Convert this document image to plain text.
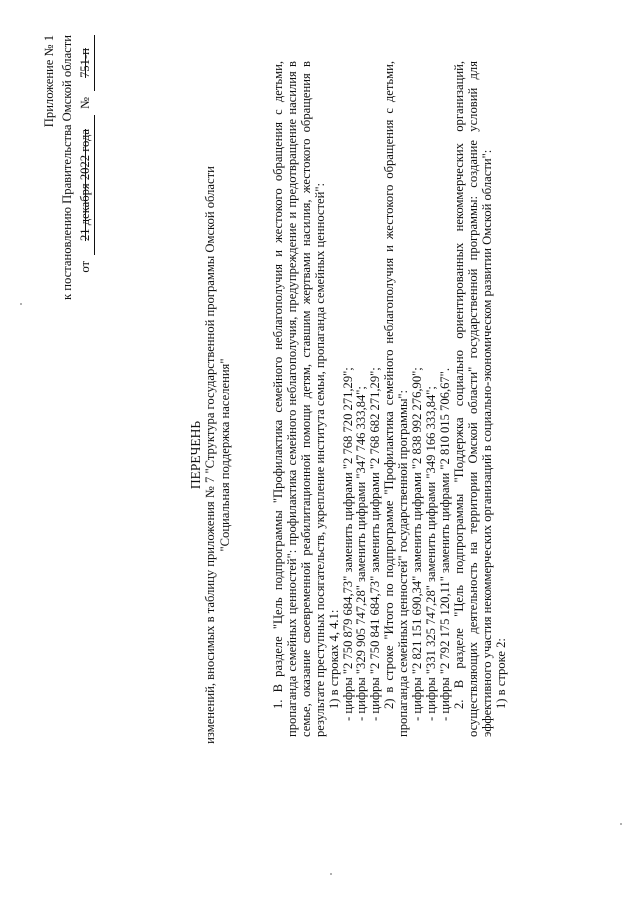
Приложение № 1 к постановлению Правительства Омской области от
21 декабря 2022 года
№
751-п
ПЕРЕЧЕНЬ изменений, вносимых в таблицу приложения № 7 "Структура государственной программы Омской области "Социальная поддержка населения"	1. В разделе "Цель подпрограммы "Профилактика семейного неблагополучия и жестокого обращения с детьми, пропаганда семейных ценностей": профилактика семейного неблагополучия, предупреждение и предотвращение насилия в семье, оказание своевременной реабилитационной помощи детям, ставшим жертвами насилия, жестокого обращения в результате преступных посягательств, укрепление института семьи, пропаганда семейных ценностей": 1) в строках 4, 4.1: - цифры "2 750 879 684,73" заменить цифрами "2 768 720 271,29"; - цифры "329 905 747,28" заменить цифрами "347 746 333,84"; - цифры "2 750 841 684,73" заменить цифрами "2 768 682 271,29"; 2) в строке "Итого по подпрограмме "Профилактика семейного неблагополучия и жестокого обращения с детьми, пропаганда семейных ценностей" государственной программы": - цифры "2 821 151 690,34" заменить цифрами "2 838 992 276,90"; - цифры "331 325 747,28" заменить цифрами "349 166 333,84"; - цифры "2 792 175 120,11" заменить цифрами "2 810 015 706,67". 2. В разделе "Цель подпрограммы "Поддержка социально ориентированных некоммерческих организаций, осуществляющих деятельность на территории Омской области" государственной программы: создание условий для эффективного участия некоммерческих организаций в социально-экономическом развитии Омской области": 1) в строке 2:
